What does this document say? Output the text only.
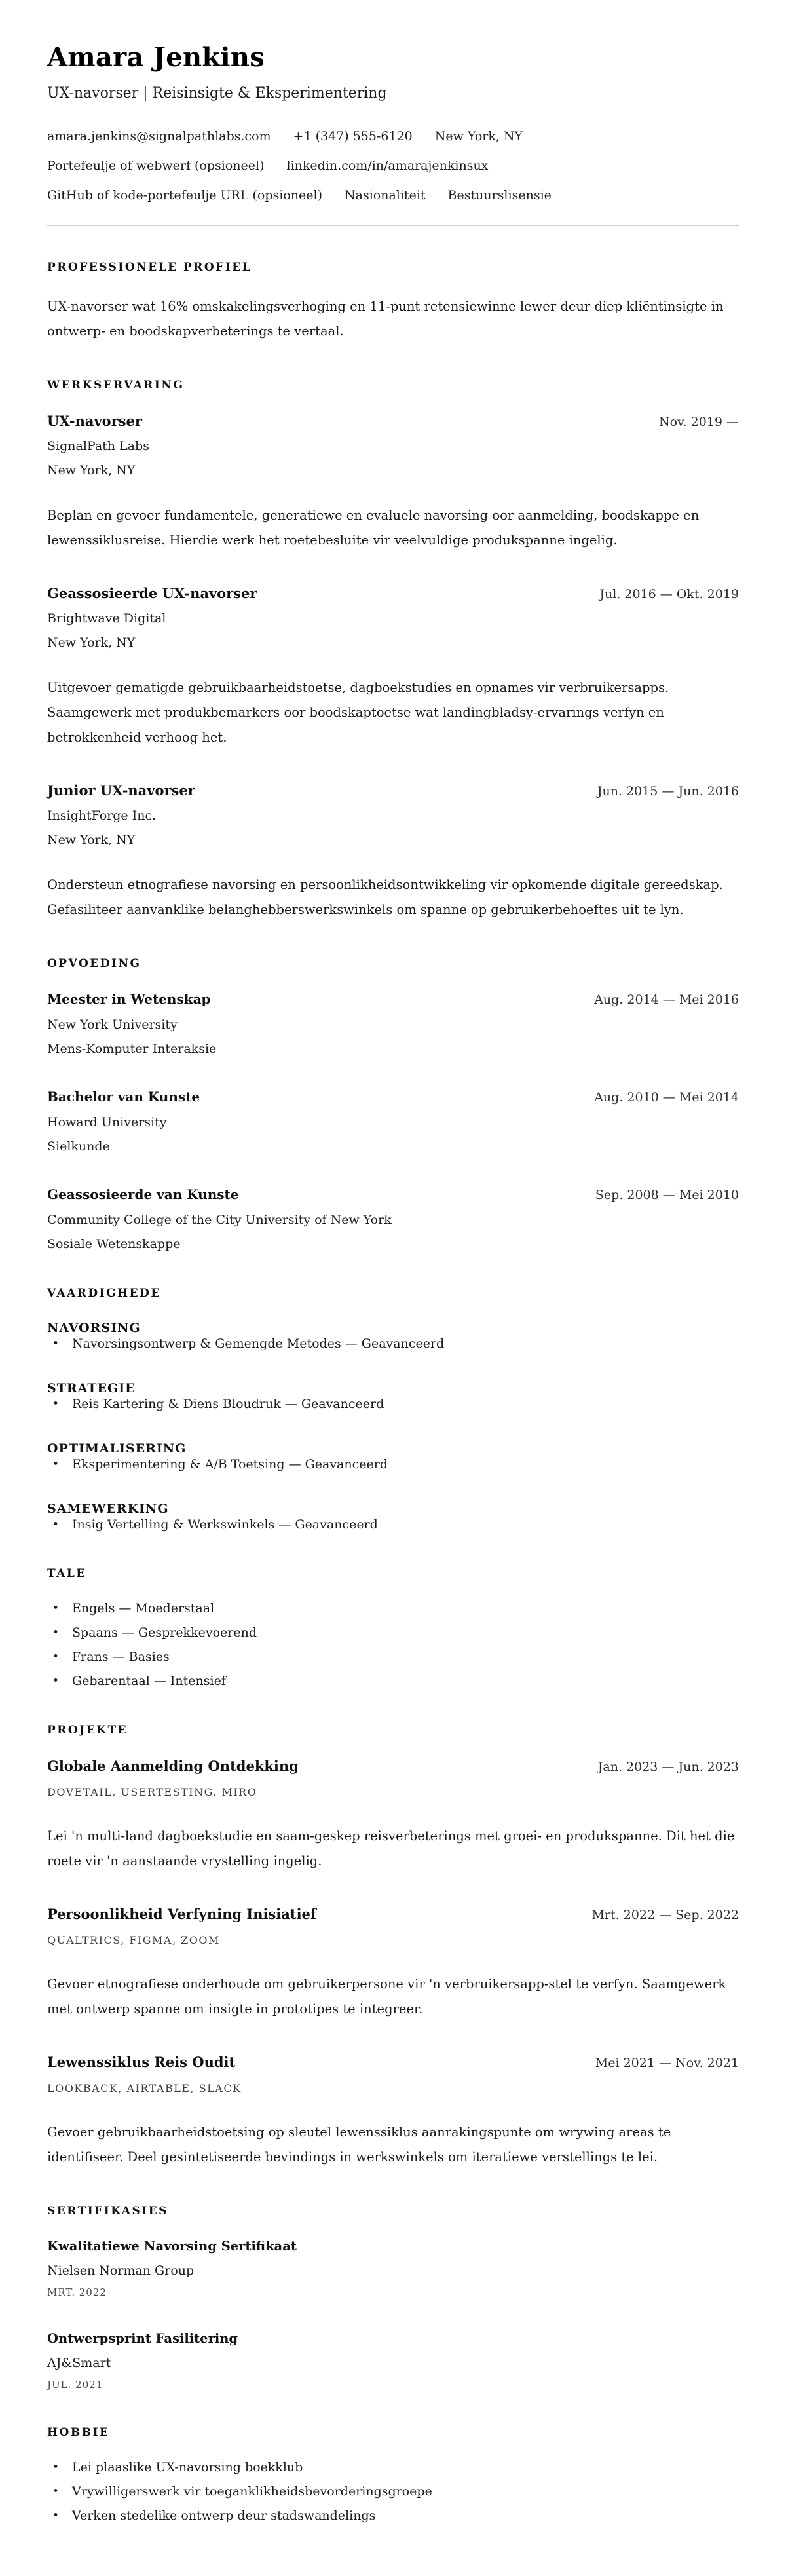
Amara Jenkins
UX-navorser | Reisinsigte & Eksperimentering
amara.jenkins@signalpathlabs.com +1 (347) 555-6120 New York, NY
Portefeulje of webwerf (opsioneel) linkedin.com/in/amarajenkinsux
GitHub of kode-portefeulje URL (opsioneel) Nasionaliteit Bestuurslisensie
PROFESSIONELE PROFIEL

UX-navorser wat 16% omskakelingsverhoging en 11-punt retensiewinne lewer deur diep kliëntinsigte in ontwerp- en boodskapverbeterings te vertaal.

WERKSERVARING
UX-navorser	Nov. 2019 —
SignalPath Labs
New York, NY

Beplan en gevoer fundamentele, generatiewe en evaluele navorsing oor aanmelding, boodskappe en lewenssiklusreise. Hierdie werk het roetebesluite vir veelvuldige produkspanne ingelig.

Geassosieerde UX-navorser	Jul. 2016 — Okt. 2019
Brightwave Digital
New York, NY

Uitgevoer gematigde gebruikbaarheidstoetse, dagboekstudies en opnames vir verbruikersapps. Saamgewerk met produkbemarkers oor boodskaptoetse wat landingbladsy-ervarings verfyn en betrokkenheid verhoog het.

Junior UX-navorser	Jun. 2015 — Jun. 2016
InsightForge Inc.
New York, NY

Ondersteun etnografiese navorsing en persoonlikheidsontwikkeling vir opkomende digitale gereedskap. Gefasiliteer aanvanklike belanghebberswerkswinkels om spanne op gebruikerbehoeftes uit te lyn.

OPVOEDING
Meester in Wetenskap	Aug. 2014 — Mei 2016
New York University
Mens-Komputer Interaksie
Bachelor van Kunste	Aug. 2010 — Mei 2014
Howard University
Sielkunde
Geassosieerde van Kunste	Sep. 2008 — Mei 2010
Community College of the City University of New York
Sosiale Wetenskappe
VAARDIGHEDE
NAVORSING
• Navorsingsontwerp & Gemengde Metodes — Geavanceerd
STRATEGIE
• Reis Kartering & Diens Bloudruk — Geavanceerd
OPTIMALISERING
• Eksperimentering & A/B Toetsing — Geavanceerd
SAMEWERKING
• Insig Vertelling & Werkswinkels — Geavanceerd
TALE
• Engels — Moederstaal
• Spaans — Gesprekkevoerend
• Frans — Basies
• Gebarentaal — Intensief
PROJEKTE
Globale Aanmelding Ontdekking	Jan. 2023 — Jun. 2023
DOVETAIL, USERTESTING, MIRO

Lei 'n multi-land dagboekstudie en saam-geskep reisverbeterings met groei- en produkspanne. Dit het die roete vir 'n aanstaande vrystelling ingelig.

Persoonlikheid Verfyning Inisiatief	Mrt. 2022 — Sep. 2022
QUALTRICS, FIGMA, ZOOM

Gevoer etnografiese onderhoude om gebruikerpersone vir 'n verbruikersapp-stel te verfyn. Saamgewerk met ontwerp spanne om insigte in prototipes te integreer.

Lewenssiklus Reis Oudit	Mei 2021 — Nov. 2021
LOOKBACK, AIRTABLE, SLACK

Gevoer gebruikbaarheidstoetsing op sleutel lewenssiklus aanrakingspunte om wrywing areas te identifiseer. Deel gesintetiseerde bevindings in werkswinkels om iteratiewe verstellings te lei.

SERTIFIKASIES
Kwalitatiewe Navorsing Sertifikaat
Nielsen Norman Group
MRT. 2022
Ontwerpsprint Fasilitering
AJ&Smart
JUL. 2021
HOBBIE
• Lei plaaslike UX-navorsing boekklub
• Vrywilligerswerk vir toeganklikheidsbevorderingsgroepe
• Verken stedelike ontwerp deur stadswandelings
